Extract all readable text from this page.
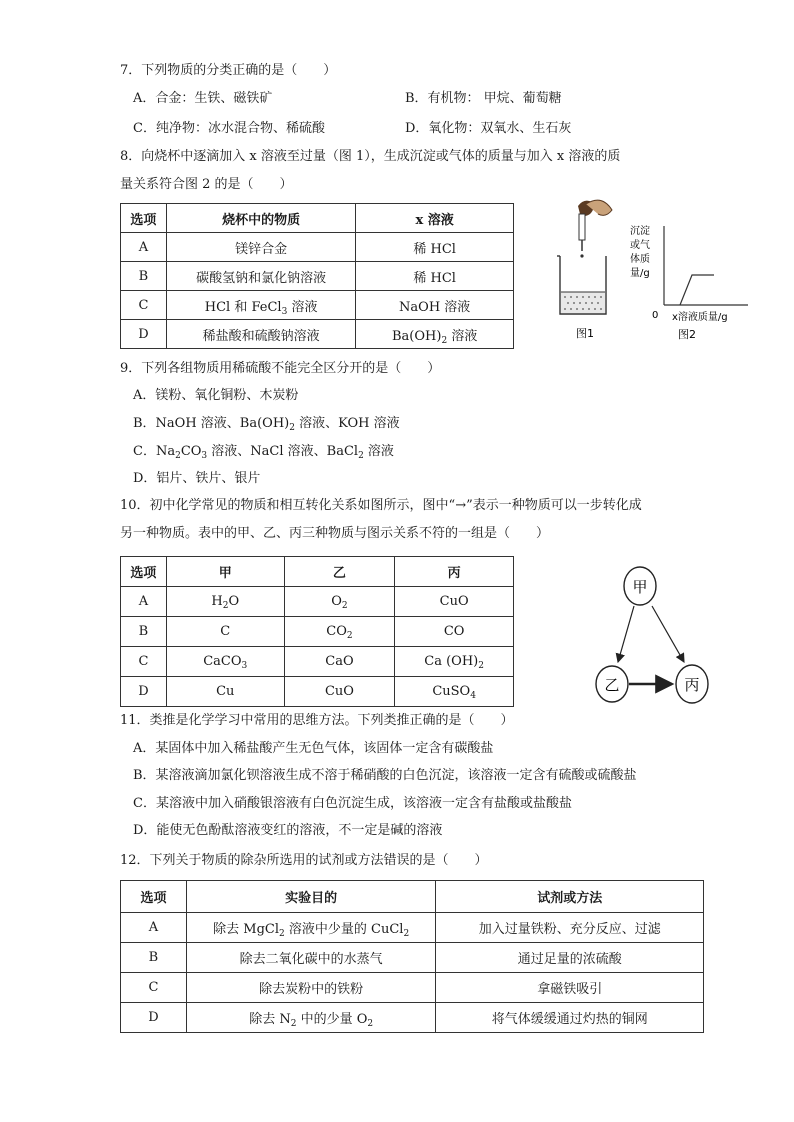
7．下列物质的分类正确的是（　　）
A．合金：生铁、磁铁矿	B．有机物： 甲烷、葡萄糖
C．纯净物：冰水混合物、稀硫酸	D．氧化物：双氧水、生石灰
8．向烧杯中逐滴加入 x 溶液至过量（图 1），生成沉淀或气体的质量与加入 x 溶液的质
量关系符合图 2 的是（　　）
选项	烧杯中的物质	x 溶液
A	镁锌合金	稀 HCl
B	碳酸氢钠和氯化钠溶液	稀 HCl
C	HCl 和 FeCl$_3$ 溶液	NaOH 溶液
D	稀盐酸和硫酸钠溶液	$Ba(OH)_2$ 溶液	图1
沉淀
或气
体质
量/g
0 x溶液质量/g
图2
9．下列各组物质用稀硫酸不能完全区分开的是（　　）
A．镁粉、氧化铜粉、木炭粉
B．NaOH 溶液、$Ba(OH)_2$ 溶液、KOH 溶液
C．$Na_2CO_3$ 溶液、NaCl 溶液、BaCl$_2$ 溶液
D．铝片、铁片、银片
10．初中化学常见的物质和相互转化关系如图所示，图中“→”表示一种物质可以一步转化成
另一种物质。表中的甲、乙、丙三种物质与图示关系不符的一组是（　　）
选项	甲	乙	丙
A	$H_2O$	$O_2$	CuO
B	C	$CO_2$	CO
C	CaCO$_3$	CaO	Ca $(OH)_2$
D	Cu	CuO	CuSO$_4$
甲
乙	丙
11．类推是化学学习中常用的思维方法。下列类推正确的是（　　）
A．某固体中加入稀盐酸产生无色气体，该固体一定含有碳酸盐
B．某溶液滴加氯化钡溶液生成不溶于稀硝酸的白色沉淀，该溶液一定含有硫酸或硫酸盐
C．某溶液中加入硝酸银溶液有白色沉淀生成，该溶液一定含有盐酸或盐酸盐
D．能使无色酚酞溶液变红的溶液，不一定是碱的溶液
12．下列关于物质的除杂所选用的试剂或方法错误的是（　　）
选项	实验目的	试剂或方法
A	除去 MgCl$_2$ 溶液中少量的 CuCl$_2$	加入过量铁粉、充分反应、过滤
B	除去二氧化碳中的水蒸气	通过足量的浓硫酸
C	除去炭粉中的铁粉	拿磁铁吸引
D	除去 $N_2$ 中的少量 $O_2$	将气体缓缓通过灼热的铜网
